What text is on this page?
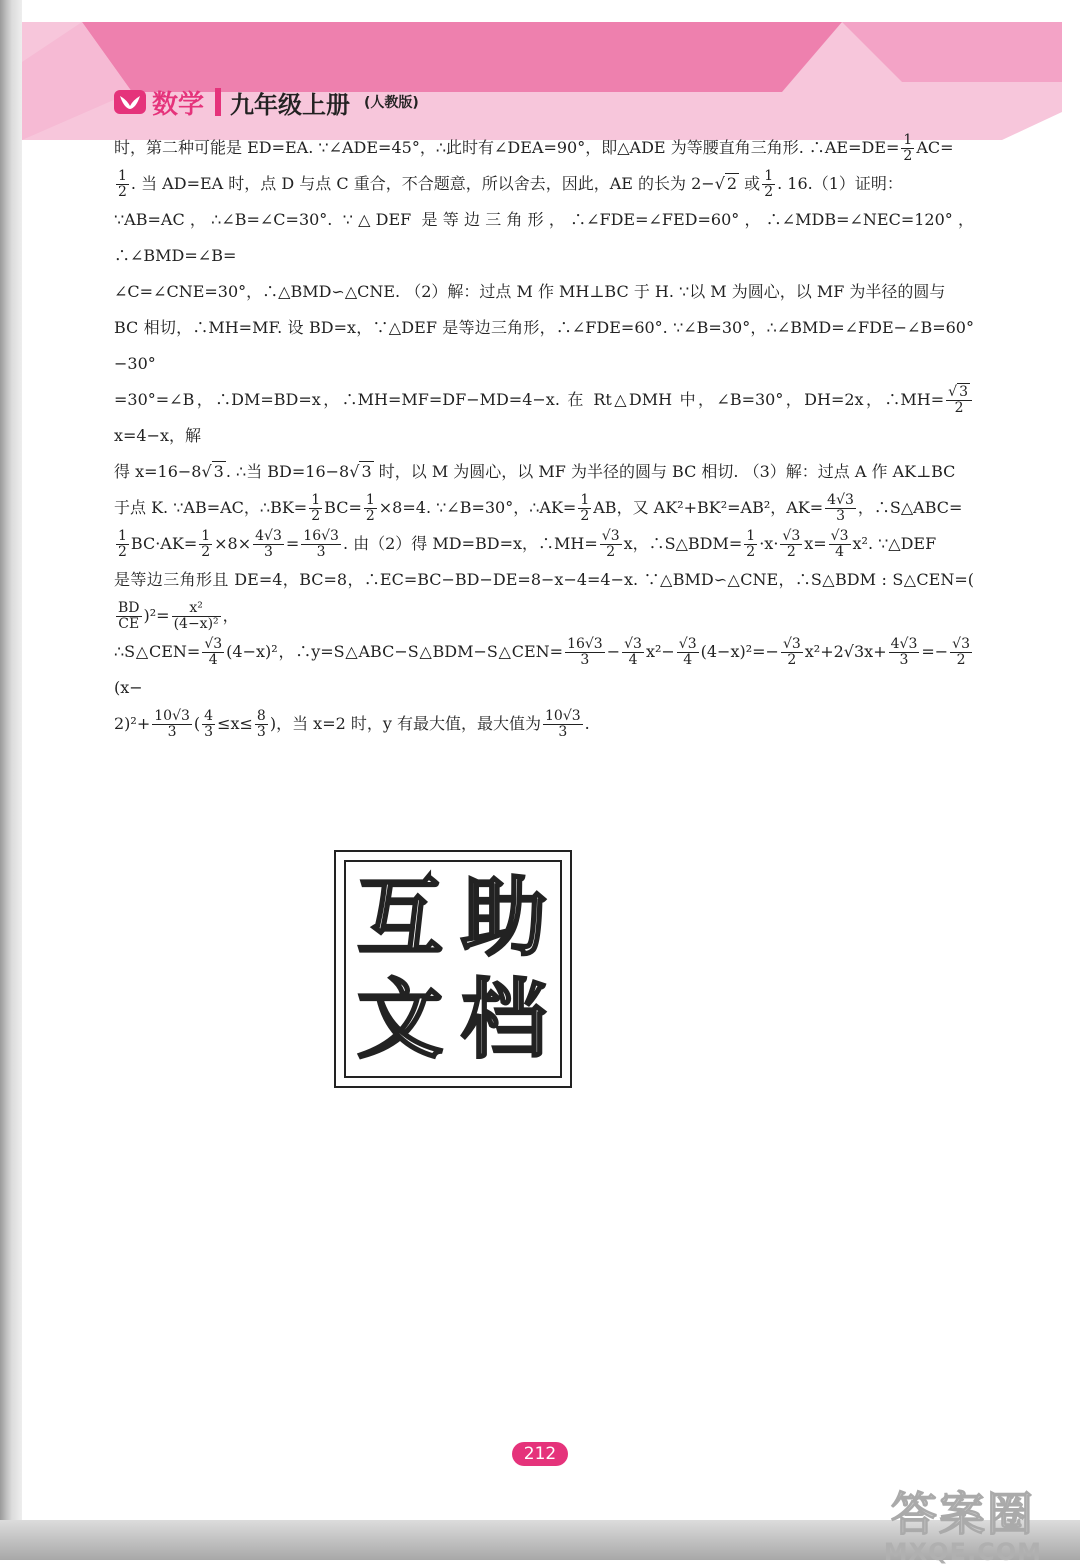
数学 九年级上册 (人教版)

时，第二种可能是 ED=EA. ∵∠ADE=45°，∴此时有∠DEA=90°，即△ADE 为等腰直角三角形. ∴AE=DE= $\frac{1}{2} AC=$

$\frac{1}{2}$ . 当 AD=EA 时，点 D 与点 C 重合，不合题意，所以舍去，因此，AE 的长为 2−√ 2 或 $\frac{1}{2}$ . 16.（1）证明：

∵AB=AC，∴∠B=∠C=30°. ∵△DEF 是等边三角形，∴∠FDE=∠FED=60°，∴∠MDB=∠NEC=120°，∴∠BMD=∠B=

∠C=∠CNE=30°，∴△BMD∽△CNE. （2）解：过点 M 作 MH⊥BC 于 H. ∵以 M 为圆心，以 MF 为半径的圆与

BC 相切，∴MH=MF. 设 BD=x，∵△DEF 是等边三角形，∴∠FDE=60°. ∵∠B=30°，∴∠BMD=∠FDE−∠B=60°−30°

=30°=∠B，∴DM=BD=x，∴MH=MF=DF−MD=4−x. 在 Rt△DMH 中，∠B=30°，DH=2x，∴MH= $\frac{√ 3}{2}$
x=4−x，解

得 x=16−8√ 3 . ∴当 BD=16−8√ 3 时，以 M 为圆心，以 MF 为半径的圆与 BC 相切. （3）解：过点 A 作 AK⊥BC

于点 K. ∵AB=AC，∴BK= $\frac{1}{2} BC= \frac{1}{2} \times 8=4$. ∵∠B=30°，∴AK= $\frac{1}{2}$ AB，又 AK²+BK²=AB²，$AK= \frac{4√3}{3}$ ，∴S△ABC=

$\frac{1}{2} BC\cdot AK= \frac{1}{2} \times 8\times \frac{4√3}{3} = \frac{16√3}{3}$ . 由（2）得 MD=BD=x，∴MH= $\frac{√3}{2}$ x，∴S△BDM= $\frac{1}{2} \cdot x\cdot \frac{√3}{2} x= \frac{√3}{4} x^2$. ∵△DEF

是等边三角形且 DE=4，BC=8，∴EC=BC−BD−DE=8−x−4=4−x. ∵△BMD∽△CNE，∴S△BDM : S△CEN=(
$\frac{BD}{CE} )^2= \frac{\text{x²}}{\text{(4−x)²}}$ ，

∴S△CEN= $\frac{√3}{4} (4-x)^2$，∴y=S△ABC−S△BDM−S△CEN= $\frac{16√3}{3} - \frac{√3}{4} x^2- \frac{√3}{4} (4-x)^2=- \frac{√3}{2} x^2+2√3x+ \frac{4√3}{3} =- \frac{√3}{2}$
(x−

$2)^2+ \frac{10√3}{3}$ ( $\frac{4}{3} \le x\le \frac{8}{3}$ )，当 x=2 时，y 有最大值，最大值为 $\frac{10√3}{3}$ .

互 助
文 档
212
答案圈
MXQE.COM
